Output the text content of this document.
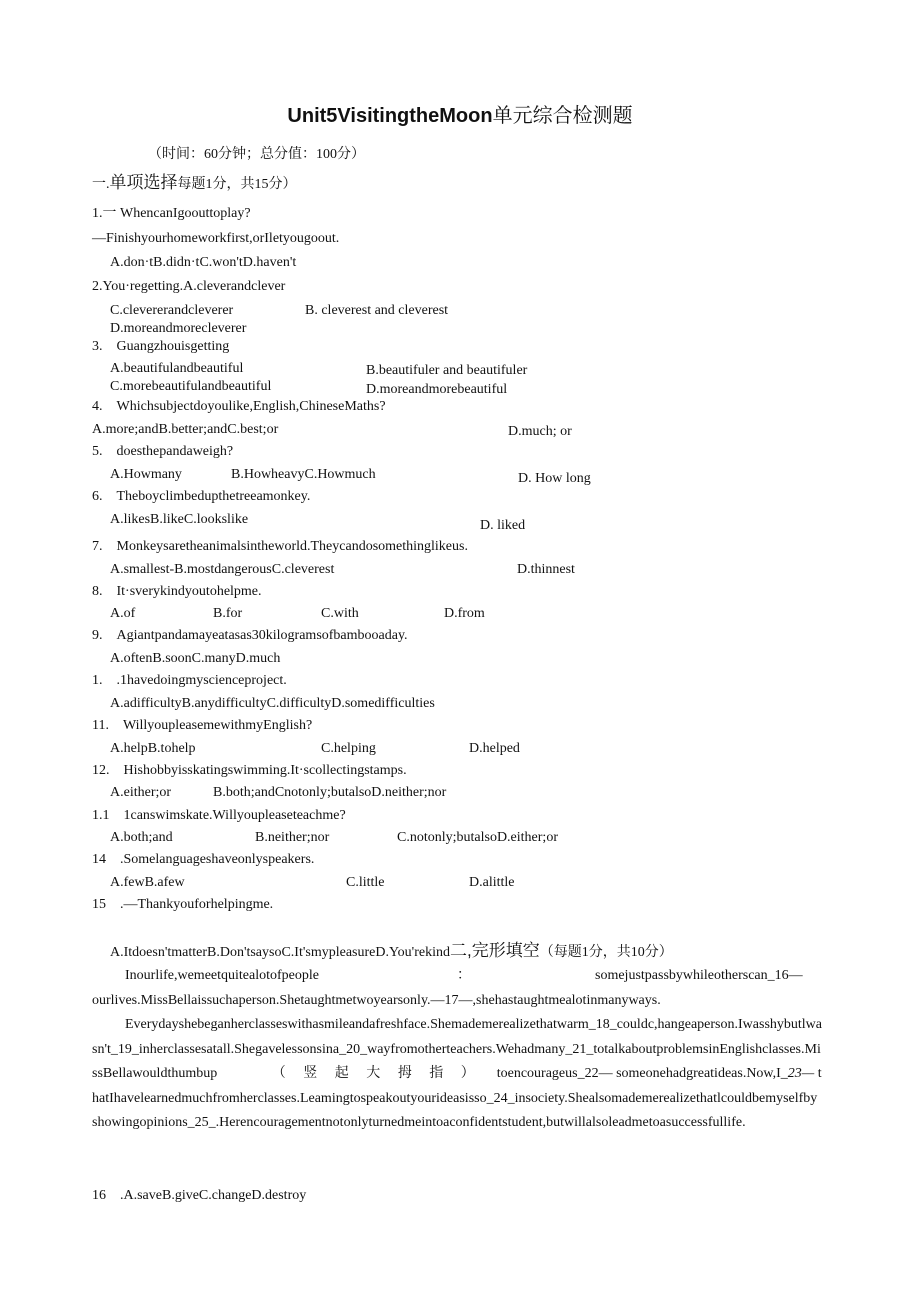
Unit5VisitingtheMoon单元综合检测题
（时间：60分钟；总分值：100分）
一.单项选择每题1分，共15分）
1.一 WhencanIgoouttoplay?
—Finishyourhomeworkfirst,orIletyougoout.
A.don·tB.didn·tC.won'tD.haven't
2.You·regetting.A.cleverandclever
C.clevererandcleverer	B. cleverest and cleverest
D.moreandmorecleverer
3.　Guangzhouisgetting
A.beautifulandbeautiful	B.beautifuler and beautifuler
C.morebeautifulandbeautiful	D.moreandmorebeautiful
4.　Whichsubjectdoyoulike,English,ChineseMaths?
A.more;andB.better;andC.best;or	D.much; or
5.　doesthepandaweigh?
A.Howmany	B.HowheavyC.Howmuch	D. How long
6.　Theboyclimbedupthetreeamonkey.
A.likesB.likeC.lookslike	D. liked
7.　Monkeysaretheanimalsintheworld.Theycandosomethinglikeus.
A.smallest-B.mostdangerousC.cleverest	D.thinnest
8.　It·sverykindyoutohelpme.
A.of	B.for	C.with	D.from
9.　Agiantpandamayeatasas30kilogramsofbambooaday.
A.oftenB.soonC.manyD.much
1.　.1havedoingmyscienceproject.
A.adifficultyB.anydifficultyC.difficultyD.somedifficulties
11.　WillyoupleasemewithmyEnglish?
A.helpB.tohelp	C.helping	D.helped
12.　Hishobbyisskatingswimming.It·scollectingstamps.
A.either;or	B.both;andCnotonly;butalsoD.neither;nor
1.1　1canswimskate.Willyoupleaseteachme?
A.both;and	B.neither;nor	C.notonly;butalsoD.either;or
14　.Somelanguageshaveonlyspeakers.
A.fewB.afew	C.little	D.alittle
15　.—Thankyouforhelpingme.
A.Itdoesn'tmatterB.Don'tsaysoC.It'smypleasureD.You'rekind二,完形填空（每题1分，共10分）
Inourlife,wemeetquitealotofpeople	：	somejustpassbywhileotherscan_16—
ourlives.MissBellaissuchaperson.Shetaughtmetwoyearsonly.—17—,shehastaughtmealotinmanyways.
Everydayshebeganherclasseswithasmileandafreshface.Shemademerealizethatwarm_18_couldc,hangeaperson.Iwasshybutlwasn't_19_inherclassesatall.Shegavelessonsina_20_wayfromotherteachers.Wehadmany_21_totalkaboutproblemsinEnglishclasses.MissBellawouldthumbup	（ 竖 起 大 拇 指 ） toencourageus_22— someonehadgreatideas.Now,I_23— thatIhavelearnedmuchfromherclasses.Leamingtospeakoutyourideasisso_24_insociety.Shealsomademerealizethatlcouldbemyselfbyshowingopinions_25_.Herencouragementnotonlyturnedmeintoaconfidentstudent,butwillalsoleadmetoasuccessfullife.
16　.A.saveB.giveC.changeD.destroy
